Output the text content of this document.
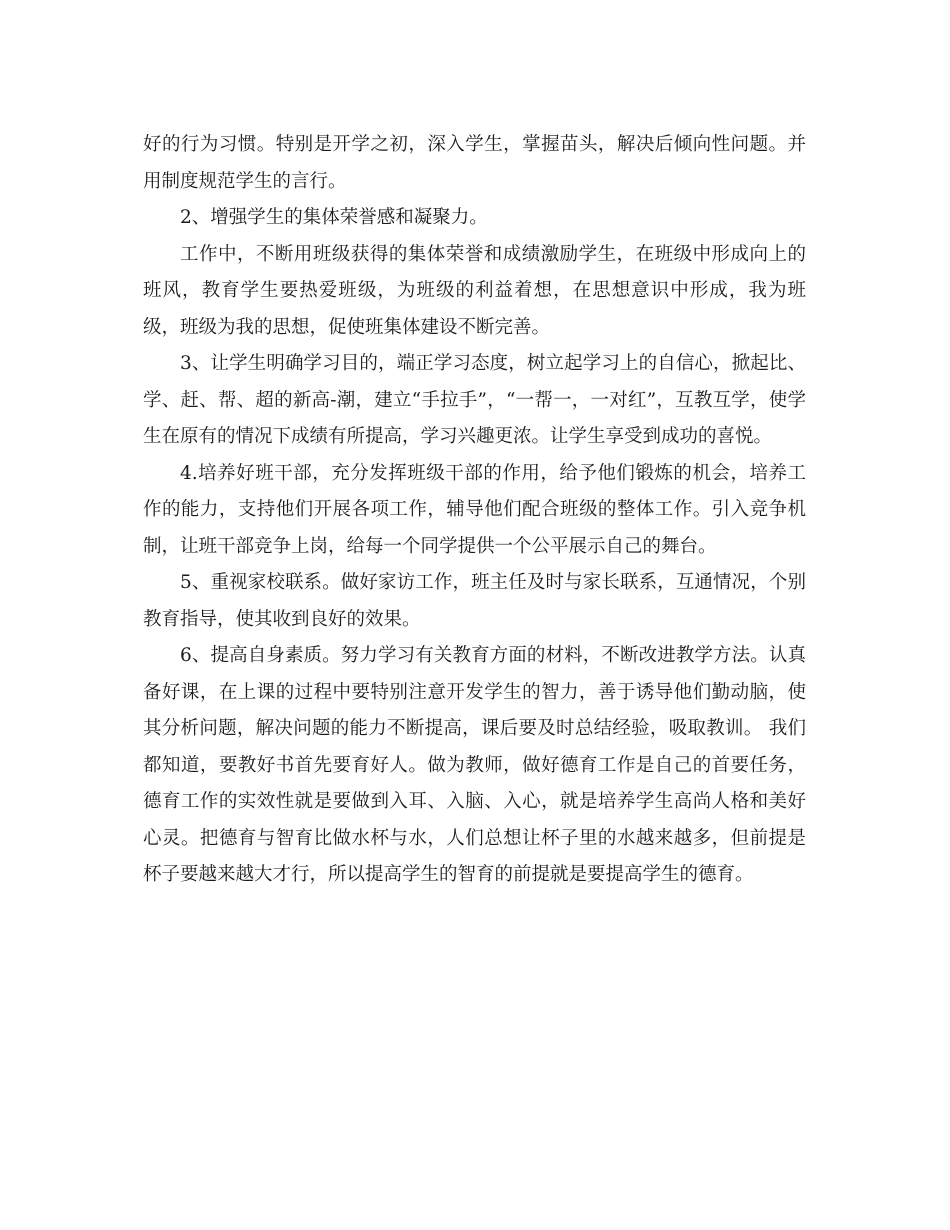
好的行为习惯。特别是开学之初，深入学生，掌握苗头，解决后倾向性问题。并用制度规范学生的言行。

2、增强学生的集体荣誉感和凝聚力。

工作中，不断用班级获得的集体荣誉和成绩激励学生，在班级中形成向上的班风，教育学生要热爱班级，为班级的利益着想，在思想意识中形成，我为班级，班级为我的思想，促使班集体建设不断完善。

3、让学生明确学习目的，端正学习态度，树立起学习上的自信心，掀起比、学、赶、帮、超的新高-潮，建立“手拉手”，“一帮一，一对红”，互教互学，使学生在原有的情况下成绩有所提高，学习兴趣更浓。让学生享受到成功的喜悦。

4.培养好班干部，充分发挥班级干部的作用，给予他们锻炼的机会，培养工作的能力，支持他们开展各项工作，辅导他们配合班级的整体工作。引入竞争机制，让班干部竞争上岗，给每一个同学提供一个公平展示自己的舞台。

5、重视家校联系。做好家访工作，班主任及时与家长联系，互通情况，个别教育指导，使其收到良好的效果。

6、提高自身素质。努力学习有关教育方面的材料，不断改进教学方法。认真备好课，在上课的过程中要特别注意开发学生的智力，善于诱导他们勤动脑，使其分析问题，解决问题的能力不断提高，课后要及时总结经验，吸取教训。 我们都知道，要教好书首先要育好人。做为教师，做好德育工作是自己的首要任务，德育工作的实效性就是要做到入耳、入脑、入心，就是培养学生高尚人格和美好心灵。把德育与智育比做水杯与水，人们总想让杯子里的水越来越多，但前提是杯子要越来越大才行，所以提高学生的智育的前提就是要提高学生的德育。
